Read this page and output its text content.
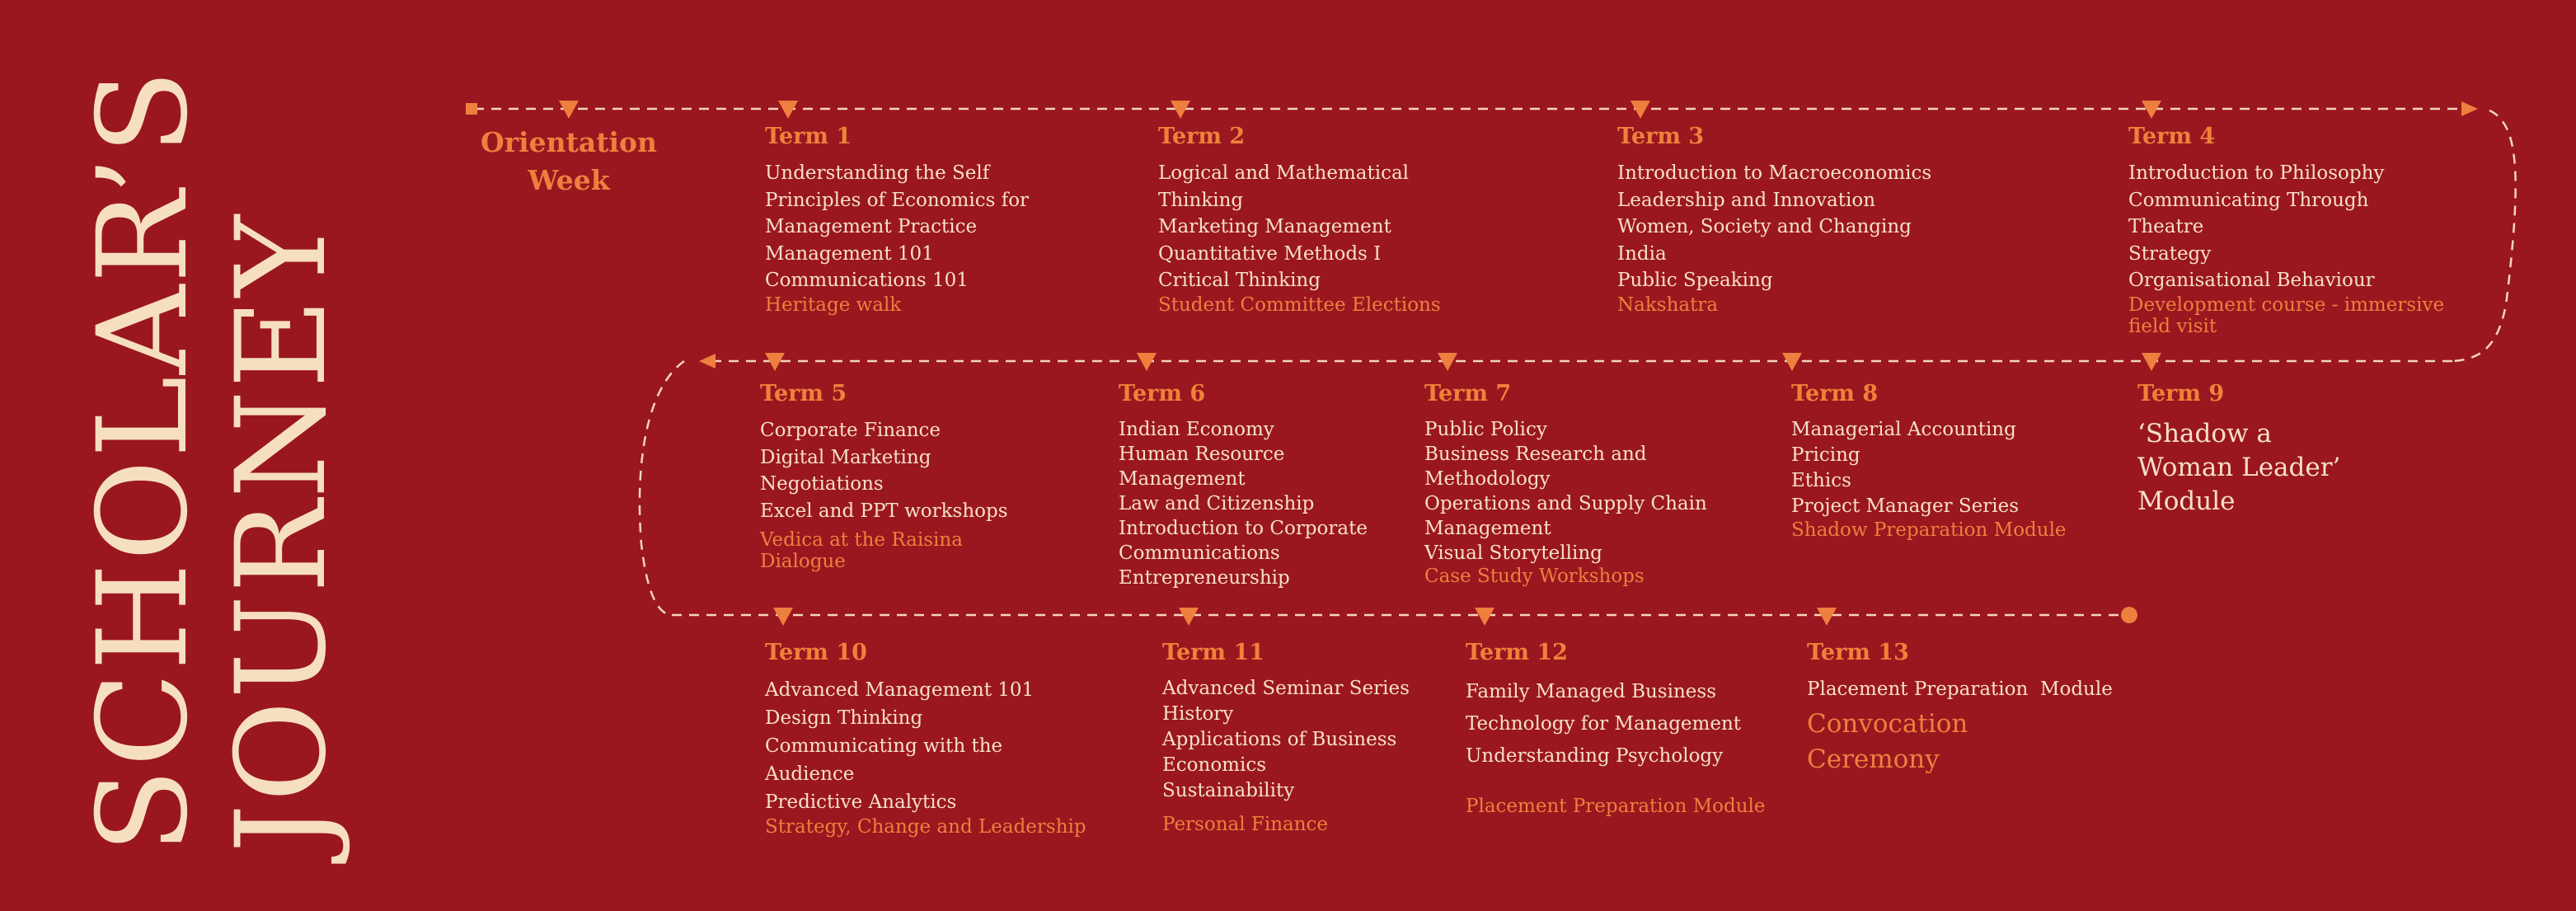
SCHOLAR’S
JOURNEY
Orientation
Week
Term 1
Understanding the Self
Principles of Economics for
Management Practice
Management 101
Communications 101
Heritage walk
Term 2
Logical and Mathematical
Thinking
Marketing Management
Quantitative Methods I
Critical Thinking
Student Committee Elections
Term 3
Introduction to Macroeconomics
Leadership and Innovation
Women, Society and Changing
India
Public Speaking
Nakshatra
Term 4
Introduction to Philosophy
Communicating Through
Theatre
Strategy
Organisational Behaviour
Development course - immersive field visit
Term 5
Corporate Finance
Digital Marketing
Negotiations
Excel and PPT workshops
Vedica at the Raisina Dialogue
Term 6
Indian Economy
Human Resource
Management
Law and Citizenship
Introduction to Corporate
Communications
Entrepreneurship
Term 7
Public Policy
Business Research and
Methodology
Operations and Supply Chain
Management
Visual Storytelling
Case Study Workshops
Term 8
Managerial Accounting
Pricing
Ethics
Project Manager Series
Shadow Preparation Module
Term 9
‘Shadow a
Woman Leader’
Module
Term 10
Advanced Management 101
Design Thinking
Communicating with the
Audience
Predictive Analytics
Strategy, Change and Leadership
Term 11
Advanced Seminar Series
History
Applications of Business
Economics
Sustainability
Personal Finance
Term 12
Family Managed Business
Technology for Management
Understanding Psychology
Placement Preparation Module
Term 13
Placement Preparation  Module
Convocation Ceremony
